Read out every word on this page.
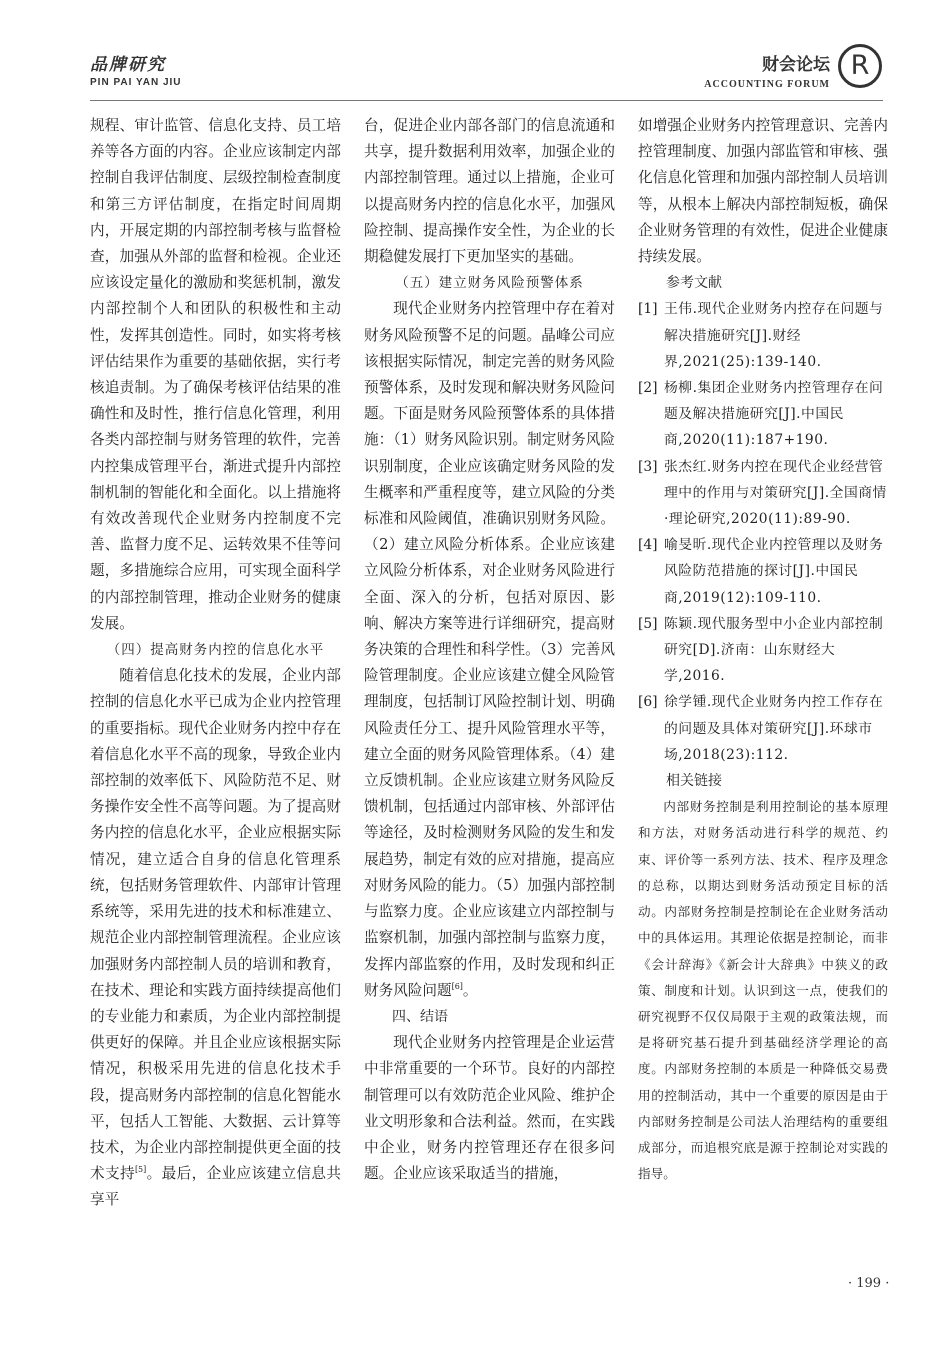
品牌研究
PIN PAI YAN JIU
财会论坛
ACCOUNTING FORUM
R

规程、审计监管、信息化支持、员工培养等各方面的内容。企业应该制定内部控制自我评估制度、层级控制检查制度和第三方评估制度，在指定时间周期内，开展定期的内部控制考核与监督检查，加强从外部的监督和检视。企业还应该设定量化的激励和奖惩机制，激发内部控制个人和团队的积极性和主动性，发挥其创造性。同时，如实将考核评估结果作为重要的基础依据，实行考核追责制。为了确保考核评估结果的准确性和及时性，推行信息化管理，利用各类内部控制与财务管理的软件，完善内控集成管理平台，渐进式提升内部控制机制的智能化和全面化。以上措施将有效改善现代企业财务内控制度不完善、监督力度不足、运转效果不佳等问题，多措施综合应用，可实现全面科学的内部控制管理，推动企业财务的健康发展。

（四）提高财务内控的信息化水平

随着信息化技术的发展，企业内部控制的信息化水平已成为企业内控管理的重要指标。现代企业财务内控中存在着信息化水平不高的现象，导致企业内部控制的效率低下、风险防范不足、财务操作安全性不高等问题。为了提高财务内控的信息化水平，企业应根据实际情况，建立适合自身的信息化管理系统，包括财务管理软件、内部审计管理系统等，采用先进的技术和标准建立、规范企业内部控制管理流程。企业应该加强财务内部控制人员的培训和教育，在技术、理论和实践方面持续提高他们的专业能力和素质，为企业内部控制提供更好的保障。并且企业应该根据实际情况，积极采用先进的信息化技术手段，提高财务内部控制的信息化智能水平，包括人工智能、大数据、云计算等技术，为企业内部控制提供更全面的技术支持[5]。最后，企业应该建立信息共享平

台，促进企业内部各部门的信息流通和共享，提升数据利用效率，加强企业的内部控制管理。通过以上措施，企业可以提高财务内控的信息化水平，加强风险控制、提高操作安全性，为企业的长期稳健发展打下更加坚实的基础。

（五）建立财务风险预警体系

现代企业财务内控管理中存在着对财务风险预警不足的问题。晶峰公司应该根据实际情况，制定完善的财务风险预警体系，及时发现和解决财务风险问题。下面是财务风险预警体系的具体措施：（1）财务风险识别。制定财务风险识别制度，企业应该确定财务风险的发生概率和严重程度等，建立风险的分类标准和风险阈值，准确识别财务风险。（2）建立风险分析体系。企业应该建立风险分析体系，对企业财务风险进行全面、深入的分析，包括对原因、影响、解决方案等进行详细研究，提高财务决策的合理性和科学性。（3）完善风险管理制度。企业应该建立健全风险管理制度，包括制订风险控制计划、明确风险责任分工、提升风险管理水平等，建立全面的财务风险管理体系。（4）建立反馈机制。企业应该建立财务风险反馈机制，包括通过内部审核、外部评估等途径，及时检测财务风险的发生和发展趋势，制定有效的应对措施，提高应对财务风险的能力。（5）加强内部控制与监察力度。企业应该建立内部控制与监察机制，加强内部控制与监察力度，发挥内部监察的作用，及时发现和纠正财务风险问题[6]。

四、结语

现代企业财务内控管理是企业运营中非常重要的一个环节。良好的内部控制管理可以有效防范企业风险、维护企业文明形象和合法利益。然而，在实践中企业，财务内控管理还存在很多问题。企业应该采取适当的措施，

如增强企业财务内控管理意识、完善内控管理制度、加强内部监管和审核、强化信息化管理和加强内部控制人员培训等，从根本上解决内部控制短板，确保企业财务管理的有效性，促进企业健康持续发展。

参考文献

[1] 王伟.现代企业财务内控存在问题与解决措施研究[J].财经界,2021(25):139-140.
[2] 杨柳.集团企业财务内控管理存在问题及解决措施研究[J].中国民商,2020(11):187+190.
[3] 张杰红.财务内控在现代企业经营管理中的作用与对策研究[J].全国商情·理论研究,2020(11):89-90.
[4] 喻旻昕.现代企业内控管理以及财务风险防范措施的探讨[J].中国民商,2019(12):109-110.
[5] 陈颖.现代服务型中小企业内部控制研究[D].济南：山东财经大学,2016.
[6] 徐学锺.现代企业财务内控工作存在的问题及具体对策研究[J].环球市场,2018(23):112.

相关链接

内部财务控制是利用控制论的基本原理和方法，对财务活动进行科学的规范、约束、评价等一系列方法、技术、程序及理念的总称，以期达到财务活动预定目标的活动。内部财务控制是控制论在企业财务活动中的具体运用。其理论依据是控制论，而非《会计辞海》《新会计大辞典》中狭义的政策、制度和计划。认识到这一点，使我们的研究视野不仅仅局限于主观的政策法规，而是将研究基石提升到基础经济学理论的高度。内部财务控制的本质是一种降低交易费用的控制活动，其中一个重要的原因是由于内部财务控制是公司法人治理结构的重要组成部分，而追根究底是源于控制论对实践的指导。

· 199 ·
